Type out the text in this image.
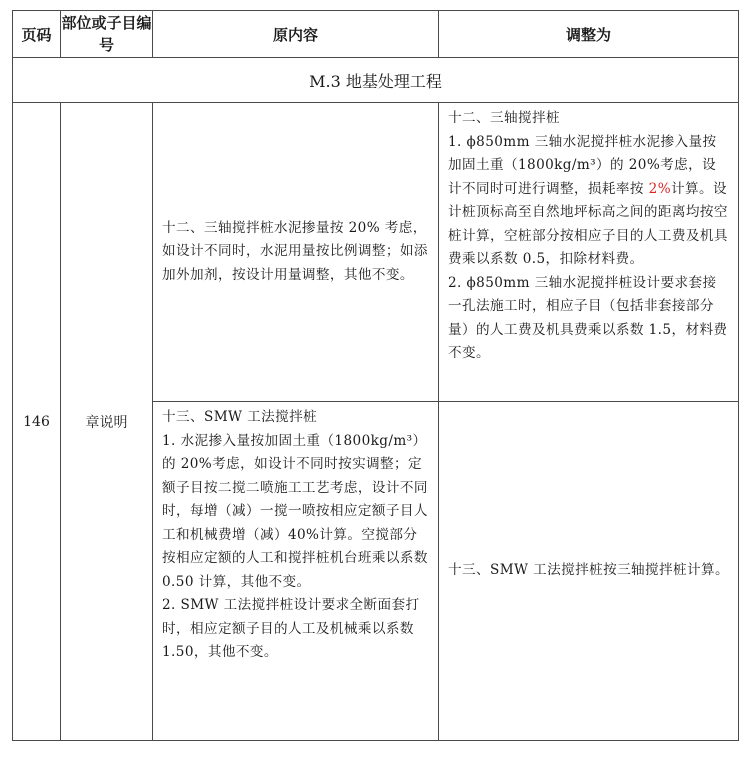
页码	部位或子目编号	原内容	调整为
M.3 地基处理工程			
146	章说明	十二、三轴搅拌桩水泥掺量按 20% 考虑，如设计不同时，水泥用量按比例调整；如添加外加剂，按设计用量调整，其他不变。	十二、三轴搅拌桩

1. ϕ850mm 三轴水泥搅拌桩水泥掺入量按加固土重（1800kg/m³）的 20%考虑，设计不同时可进行调整，损耗率按 2%计算。设计桩顶标高至自然地坪标高之间的距离均按空桩计算，空桩部分按相应子目的人工费及机具费乘以系数 0.5，扣除材料费。

2. ϕ850mm 三轴水泥搅拌桩设计要求套接一孔法施工时，相应子目（包括非套接部分量）的人工费及机具费乘以系数 1.5，材料费不变。

		十三、SMW 工法搅拌桩

1. 水泥掺入量按加固土重（1800kg/m³）的 20%考虑，如设计不同时按实调整；定额子目按二搅二喷施工工艺考虑，设计不同时，每增（减）一搅一喷按相应定额子目人工和机械费增（减）40%计算。空搅部分按相应定额的人工和搅拌桩机台班乘以系数 0.50 计算，其他不变。

2. SMW 工法搅拌桩设计要求全断面套打时，相应定额子目的人工及机械乘以系数 1.50，其他不变。	十三、SMW 工法搅拌桩按三轴搅拌桩计算。
